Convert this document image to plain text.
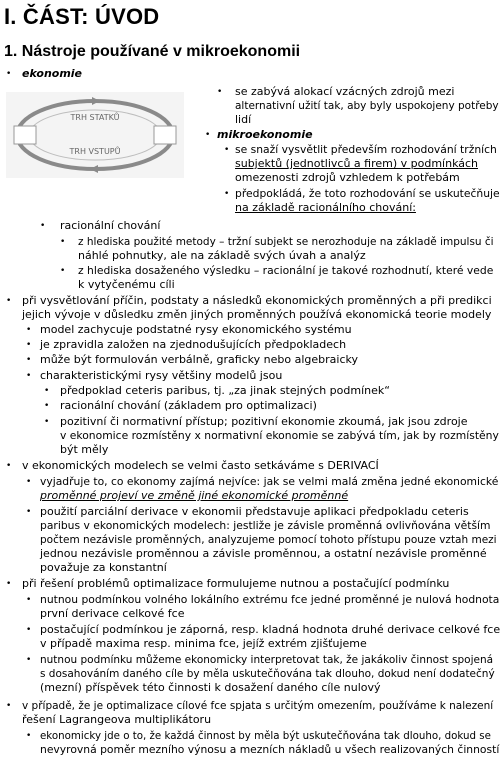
I. ČÁST: ÚVOD
1. Nástroje používané v mikroekonomii
• ekonomie
TRH STATKŮ
TRH VSTUPŮ
• se zabývá alokací vzácných zdrojů mezi
alternativní užití tak, aby byly uspokojeny potřeby
lidí
• mikroekonomie
• se snaží vysvětlit především rozhodování tržních
subjektů (jednotlivců a firem) v podmínkách
omezenosti zdrojů vzhledem k potřebám
• předpokládá, že toto rozhodování se uskutečňuje
na základě racionálního chování:
• racionální chování
• z hlediska použité metody – tržní subjekt se nerozhoduje na základě impulsu či
náhlé pohnutky, ale na základě svých úvah a analýz
• z hlediska dosaženého výsledku – racionální je takové rozhodnutí, které vede
k vytyčenému cíli
• při vysvětlování příčin, podstaty a následků ekonomických proměnných a při predikci
jejich vývoje v důsledku změn jiných proměnných používá ekonomická teorie modely
• model zachycuje podstatné rysy ekonomického systému
• je zpravidla založen na zjednodušujících předpokladech
• může být formulován verbálně, graficky nebo algebraicky
• charakteristickými rysy většiny modelů jsou
• předpoklad ceteris paribus, tj. „za jinak stejných podmínek“
• racionální chování (základem pro optimalizaci)
• pozitivní či normativní přístup; pozitivní ekonomie zkoumá, jak jsou zdroje
v ekonomice rozmístěny x normativní ekonomie se zabývá tím, jak by rozmístěny
být měly
• v ekonomických modelech se velmi často setkáváme s DERIVACÍ
• vyjadřuje to, co ekonomy zajímá nejvíce: jak se velmi malá změna jedné ekonomické
proměnné projeví ve změně jiné ekonomické proměnné
• použití parciální derivace v ekonomii představuje aplikaci předpokladu ceteris
paribus v ekonomických modelech: jestliže je závisle proměnná ovlivňována větším
počtem nezávisle proměnných, analyzujeme pomocí tohoto přístupu pouze vztah mezi
jednou nezávisle proměnnou a závisle proměnnou, a ostatní nezávisle proměnné
považuje za konstantní
• při řešení problémů optimalizace formulujeme nutnou a postačující podmínku
• nutnou podmínkou volného lokálního extrému fce jedné proměnné je nulová hodnota
první derivace celkové fce
• postačující podmínkou je záporná, resp. kladná hodnota druhé derivace celkové fce
v případě maxima resp. minima fce, jejíž extrém zjišťujeme
• nutnou podmínku můžeme ekonomicky interpretovat tak, že jakákoliv činnost spojená
s dosahováním daného cíle by měla uskutečňována tak dlouho, dokud není dodatečný
(mezní) příspěvek této činnosti k dosažení daného cíle nulový
• v případě, že je optimalizace cílové fce spjata s určitým omezením, používáme k nalezení
řešení Lagrangeova multiplikátoru
• ekonomicky jde o to, že každá činnost by měla být uskutečňována tak dlouho, dokud se
nevyrovná poměr mezního výnosu a mezních nákladů u všech realizovaných činností
